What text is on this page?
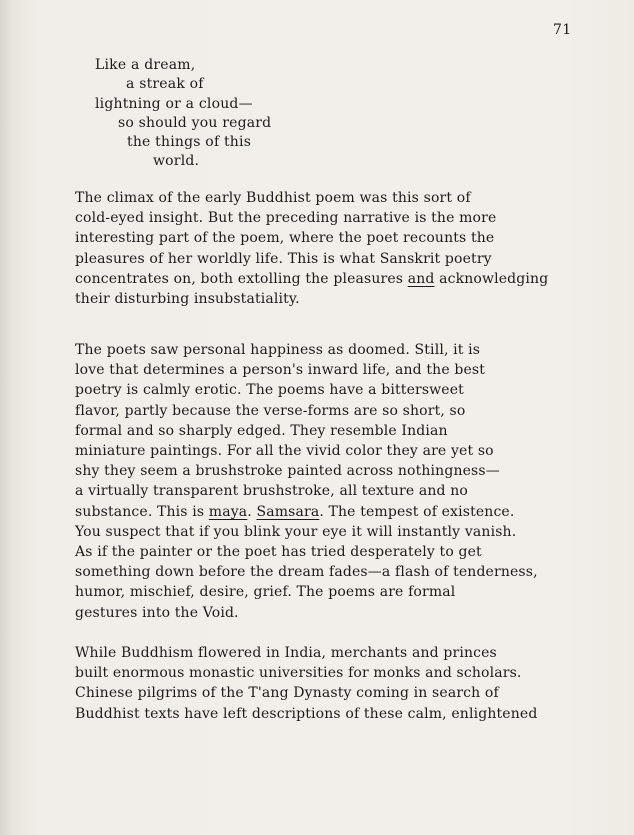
71
Like a dream,
a streak of
lightning or a cloud—
so should you regard
the things of this
world.
The climax of the early Buddhist poem was this sort of
cold-eyed insight. But the preceding narrative is the more
interesting part of the poem, where the poet recounts the
pleasures of her worldly life. This is what Sanskrit poetry
concentrates on, both extolling the pleasures and acknowledging
their disturbing insubstatiality.
The poets saw personal happiness as doomed. Still, it is
love that determines a person's inward life, and the best
poetry is calmly erotic. The poems have a bittersweet
flavor, partly because the verse-forms are so short, so
formal and so sharply edged. They resemble Indian
miniature paintings. For all the vivid color they are yet so
shy they seem a brushstroke painted across nothingness—
a virtually transparent brushstroke, all texture and no
substance. This is maya. Samsara. The tempest of existence.
You suspect that if you blink your eye it will instantly vanish.
As if the painter or the poet has tried desperately to get
something down before the dream fades—a flash of tenderness,
humor, mischief, desire, grief. The poems are formal
gestures into the Void.
While Buddhism flowered in India, merchants and princes
built enormous monastic universities for monks and scholars.
Chinese pilgrims of the T'ang Dynasty coming in search of
Buddhist texts have left descriptions of these calm, enlightened
